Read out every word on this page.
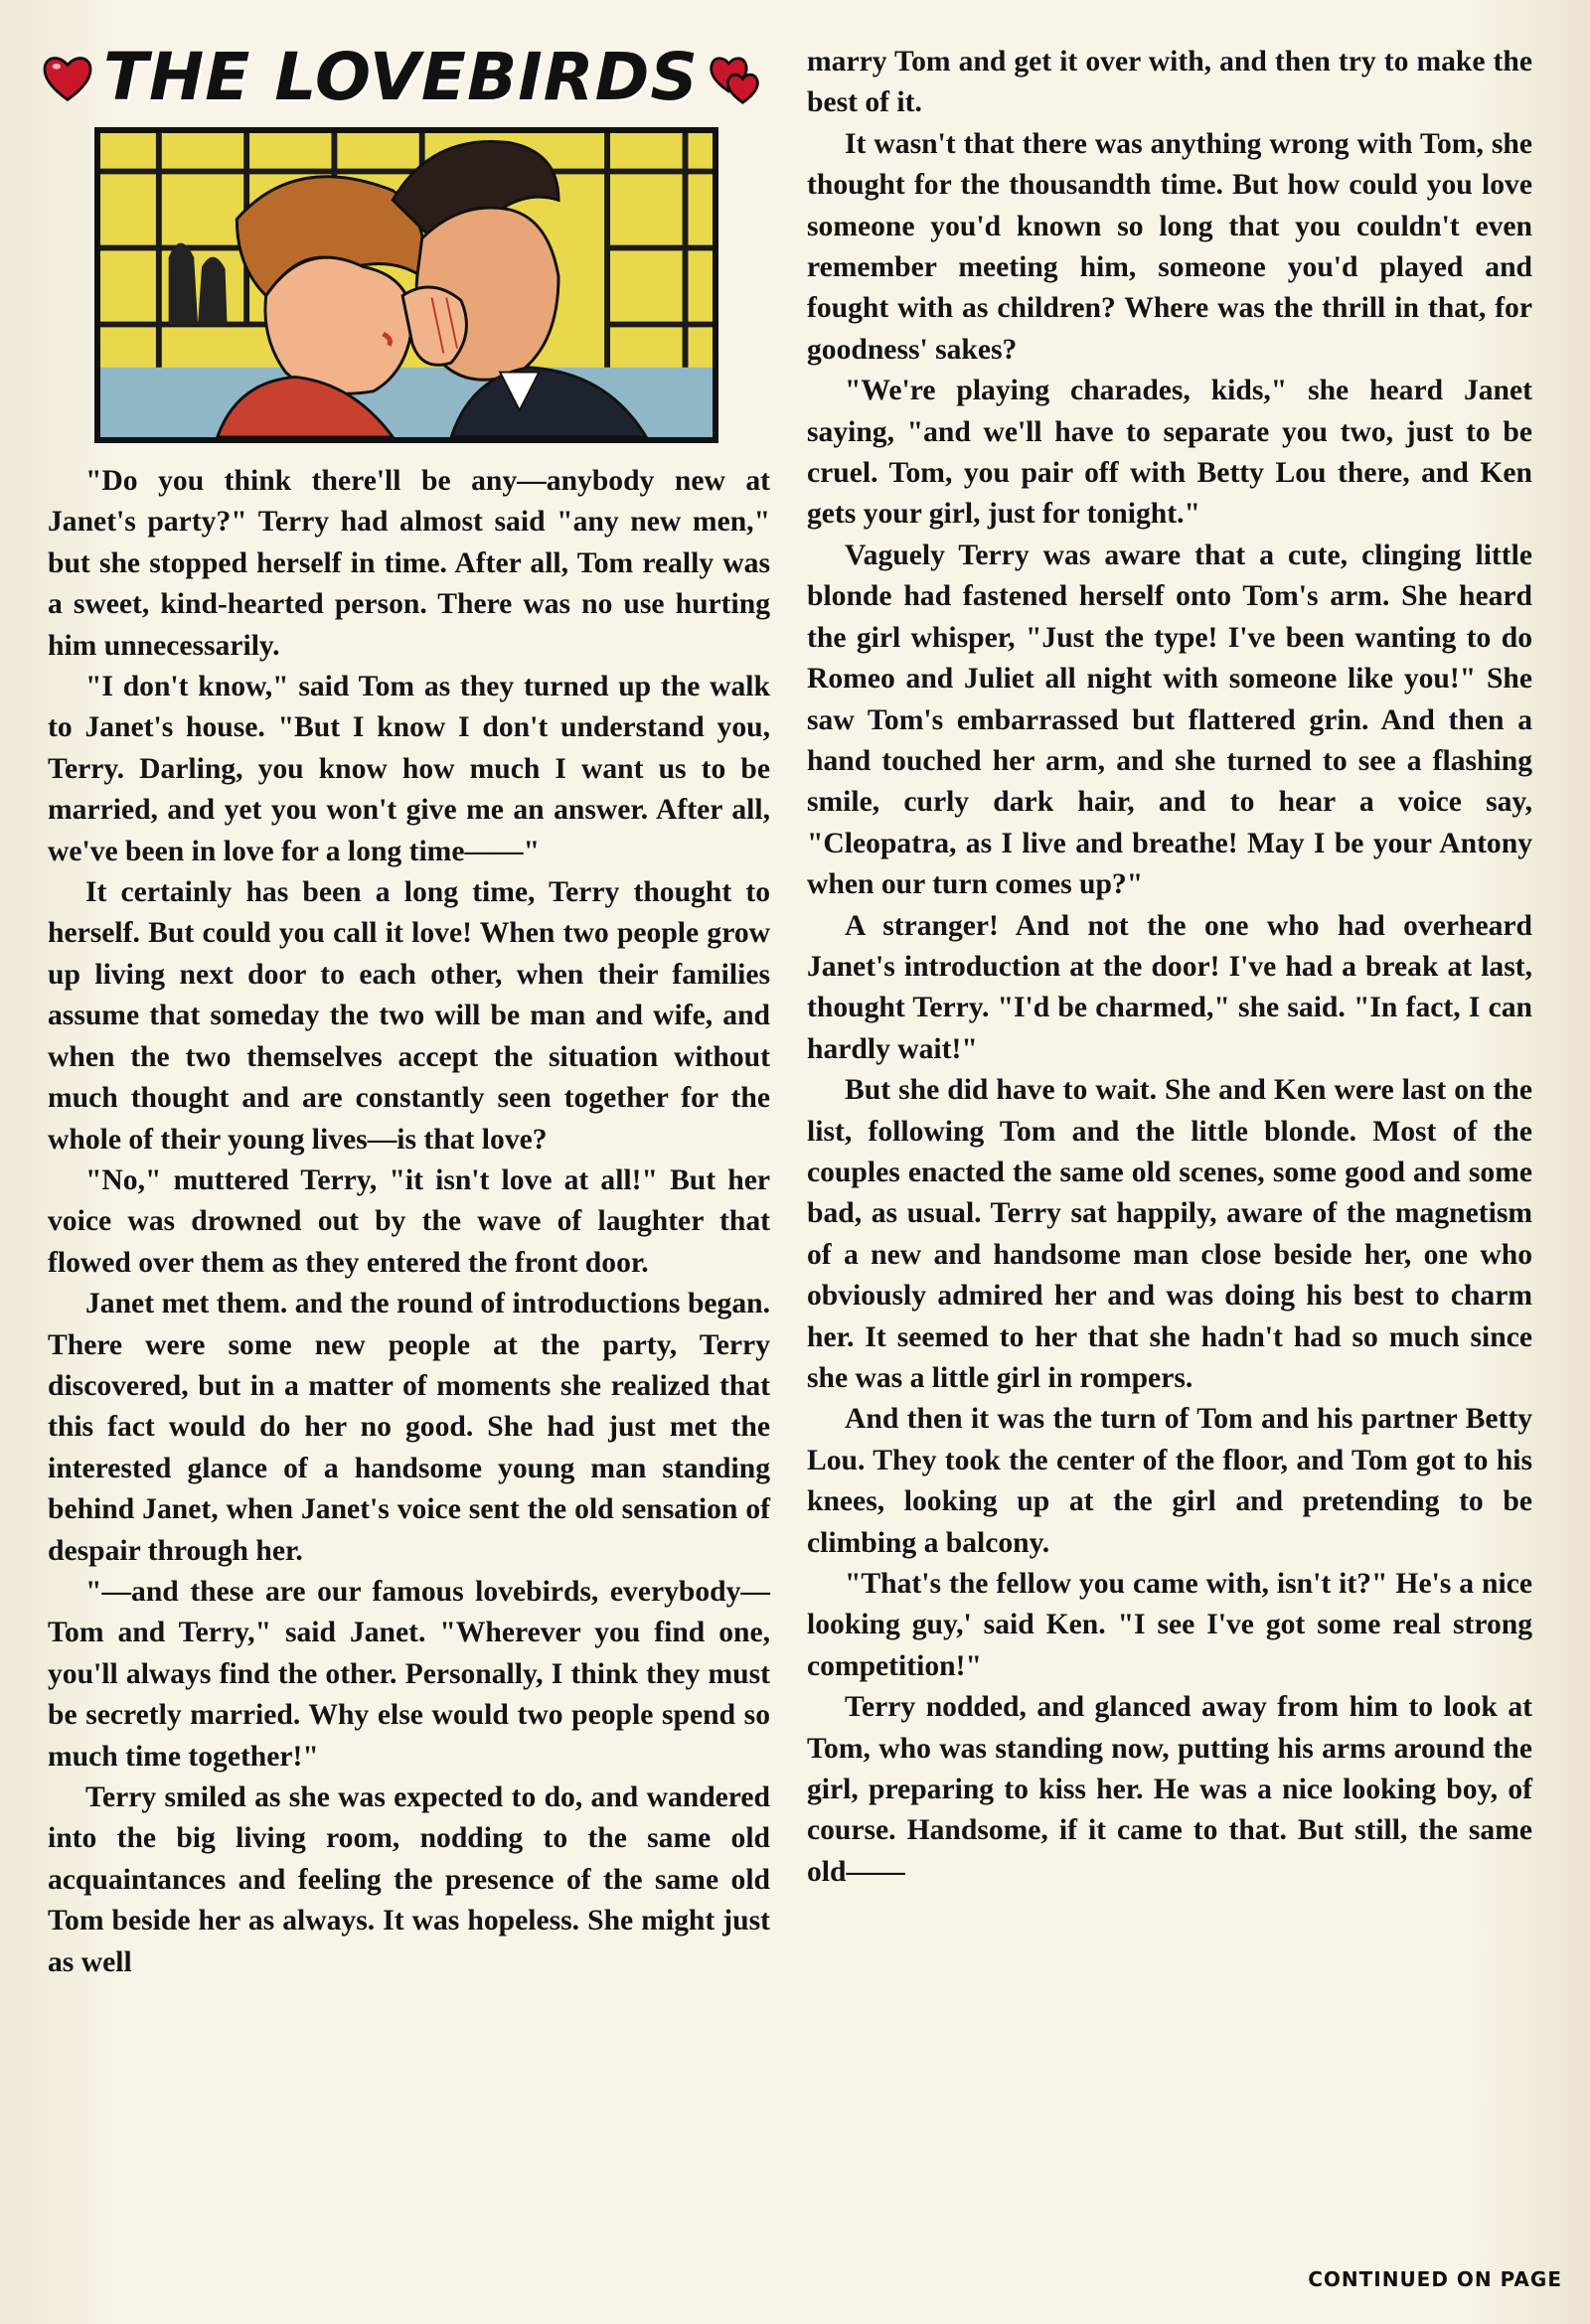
THE LOVEBIRDS

"Do you think there'll be any—anybody new at Janet's party?" Terry had almost said "any new men," but she stopped herself in time. After all, Tom really was a sweet, kind-hearted person. There was no use hurting him unnecessarily.

"I don't know," said Tom as they turned up the walk to Janet's house. "But I know I don't understand you, Terry. Darling, you know how much I want us to be married, and yet you won't give me an answer. After all, we've been in love for a long time——"

It certainly has been a long time, Terry thought to herself. But could you call it love! When two people grow up living next door to each other, when their families assume that someday the two will be man and wife, and when the two themselves accept the situation without much thought and are constantly seen together for the whole of their young lives—is that love?

"No," muttered Terry, "it isn't love at all!" But her voice was drowned out by the wave of laughter that flowed over them as they entered the front door.

Janet met them. and the round of introductions began. There were some new people at the party, Terry discovered, but in a matter of moments she realized that this fact would do her no good. She had just met the interested glance of a handsome young man standing behind Janet, when Janet's voice sent the old sensation of despair through her.

"—and these are our famous lovebirds, everybody—Tom and Terry," said Janet. "Wherever you find one, you'll always find the other. Personally, I think they must be secretly married. Why else would two people spend so much time together!"

Terry smiled as she was expected to do, and wandered into the big living room, nodding to the same old acquaintances and feeling the presence of the same old Tom beside her as always. It was hopeless. She might just as well

marry Tom and get it over with, and then try to make the best of it.

It wasn't that there was anything wrong with Tom, she thought for the thousandth time. But how could you love someone you'd known so long that you couldn't even remember meeting him, someone you'd played and fought with as children? Where was the thrill in that, for goodness' sakes?

"We're playing charades, kids," she heard Janet saying, "and we'll have to separate you two, just to be cruel. Tom, you pair off with Betty Lou there, and Ken gets your girl, just for tonight."

Vaguely Terry was aware that a cute, clinging little blonde had fastened herself onto Tom's arm. She heard the girl whisper, "Just the type! I've been wanting to do Romeo and Juliet all night with someone like you!" She saw Tom's embarrassed but flattered grin. And then a hand touched her arm, and she turned to see a flashing smile, curly dark hair, and to hear a voice say, "Cleopatra, as I live and breathe! May I be your Antony when our turn comes up?"

A stranger! And not the one who had overheard Janet's introduction at the door! I've had a break at last, thought Terry. "I'd be charmed," she said. "In fact, I can hardly wait!"

But she did have to wait. She and Ken were last on the list, following Tom and the little blonde. Most of the couples enacted the same old scenes, some good and some bad, as usual. Terry sat happily, aware of the magnetism of a new and handsome man close beside her, one who obviously admired her and was doing his best to charm her. It seemed to her that she hadn't had so much since she was a little girl in rompers.

And then it was the turn of Tom and his partner Betty Lou. They took the center of the floor, and Tom got to his knees, looking up at the girl and pretending to be climbing a balcony.

"That's the fellow you came with, isn't it?" He's a nice looking guy,' said Ken. "I see I've got some real strong competition!"

Terry nodded, and glanced away from him to look at Tom, who was standing now, putting his arms around the girl, preparing to kiss her. He was a nice looking boy, of course. Handsome, if it came to that. But still, the same old——

CONTINUED ON PAGE
